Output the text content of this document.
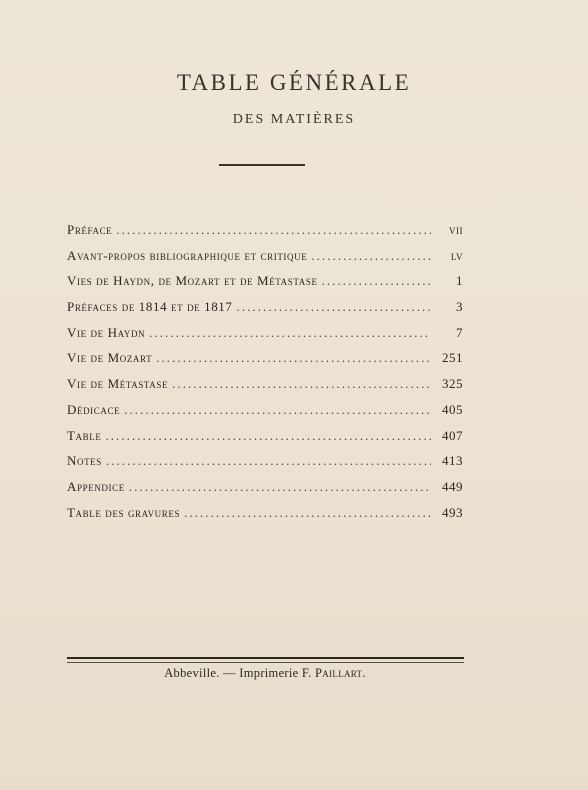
TABLE GÉNÉRALE
DES MATIÈRES
Préface . . .	vii
Avant-propos bibliographique et critique . . .	lv
Vies de Haydn, de Mozart et de Métastase . . .	1
Préfaces de 1814 et de 1817 . . .	3
Vie de Haydn . . .	7
Vie de Mozart . . .	251
Vie de Métastase . . .	325
Dédicace . . .	405
Table . . .	407
Notes . . .	413
Appendice . . .	449
Table des gravures . . .	493
Abbeville. — Imprimerie F. Paillart.
